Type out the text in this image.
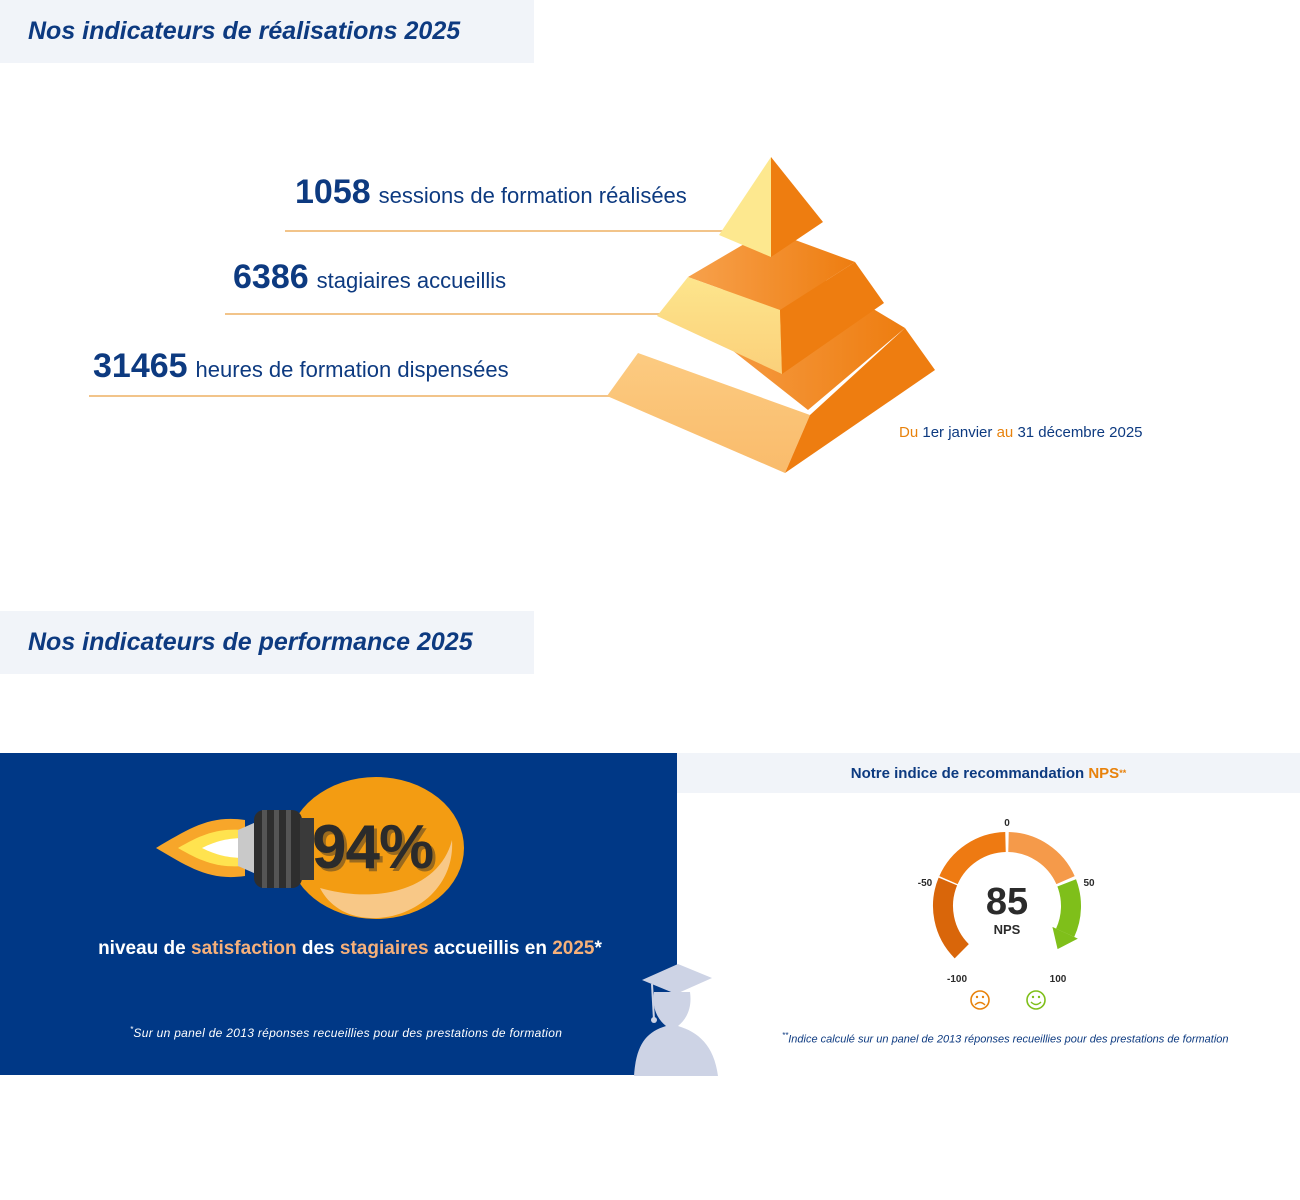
Nos indicateurs de réalisations 2025
1058 sessions de formation réalisées
6386 stagiaires accueillis
31465 heures de formation dispensées
Du 1er janvier au 31 décembre 2025
Nos indicateurs de performance 2025
94%
niveau de satisfaction des stagiaires accueillis en 2025*
*Sur un panel de 2013 réponses recueillies pour des prestations de formation
Notre indice de recommandation
NPS **
85
NPS
0
-50	50
-100	100
**Indice calculé sur un panel de 2013 réponses recueillies pour des prestations de formation
